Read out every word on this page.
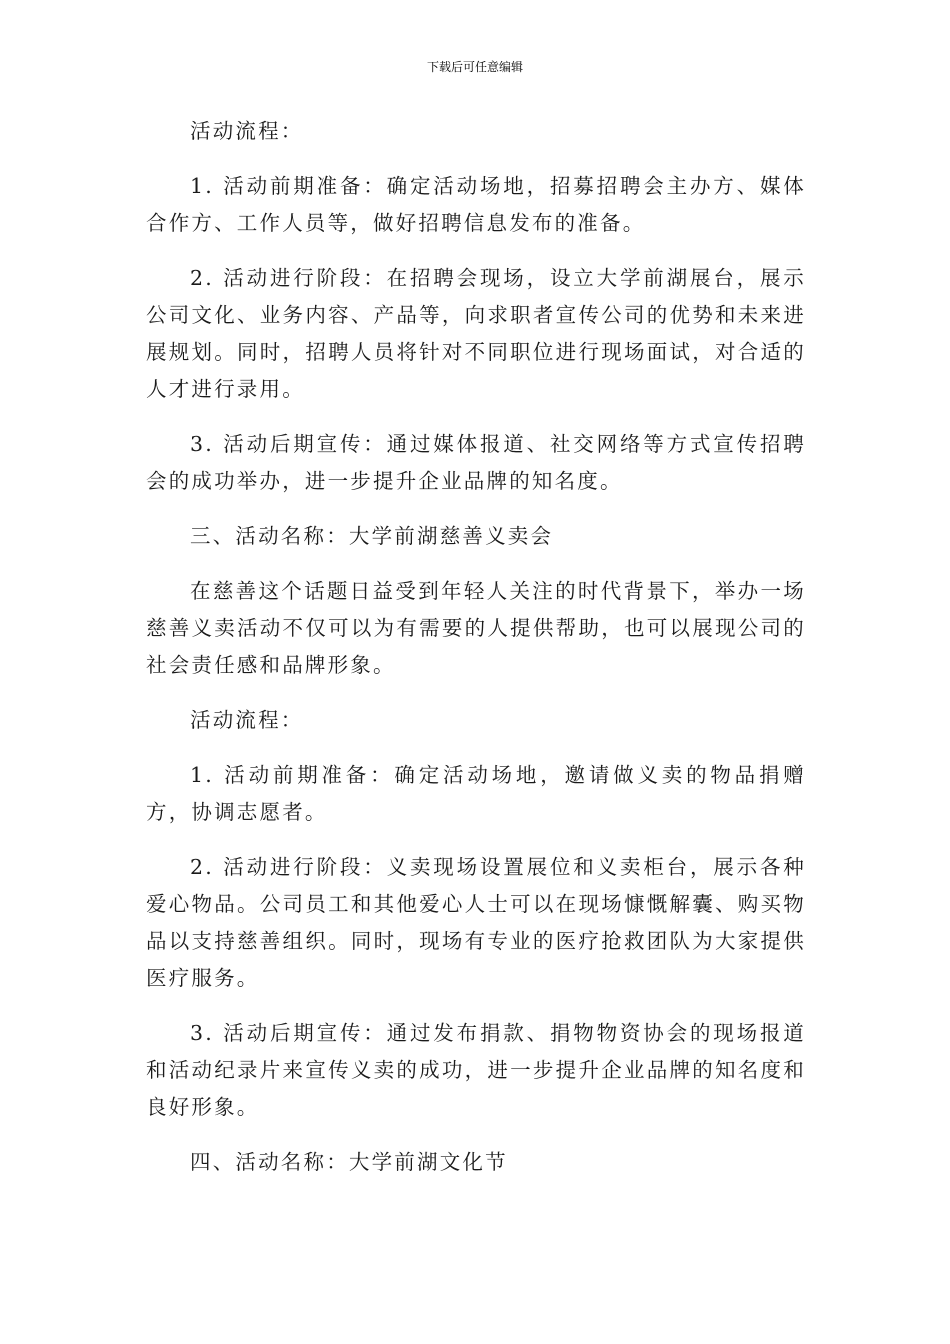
下载后可任意编辑

活动流程：

1. 活动前期准备：确定活动场地，招募招聘会主办方、媒体合作方、工作人员等，做好招聘信息发布的准备。

2. 活动进行阶段：在招聘会现场，设立大学前湖展台，展示公司文化、业务内容、产品等，向求职者宣传公司的优势和未来进展规划。同时，招聘人员将针对不同职位进行现场面试，对合适的人才进行录用。

3. 活动后期宣传：通过媒体报道、社交网络等方式宣传招聘会的成功举办，进一步提升企业品牌的知名度。

三、活动名称：大学前湖慈善义卖会

在慈善这个话题日益受到年轻人关注的时代背景下，举办一场慈善义卖活动不仅可以为有需要的人提供帮助，也可以展现公司的社会责任感和品牌形象。

活动流程：

1. 活动前期准备：确定活动场地，邀请做义卖的物品捐赠方，协调志愿者。

2. 活动进行阶段：义卖现场设置展位和义卖柜台，展示各种爱心物品。公司员工和其他爱心人士可以在现场慷慨解囊、购买物品以支持慈善组织。同时，现场有专业的医疗抢救团队为大家提供医疗服务。

3. 活动后期宣传：通过发布捐款、捐物物资协会的现场报道和活动纪录片来宣传义卖的成功，进一步提升企业品牌的知名度和良好形象。

四、活动名称：大学前湖文化节
